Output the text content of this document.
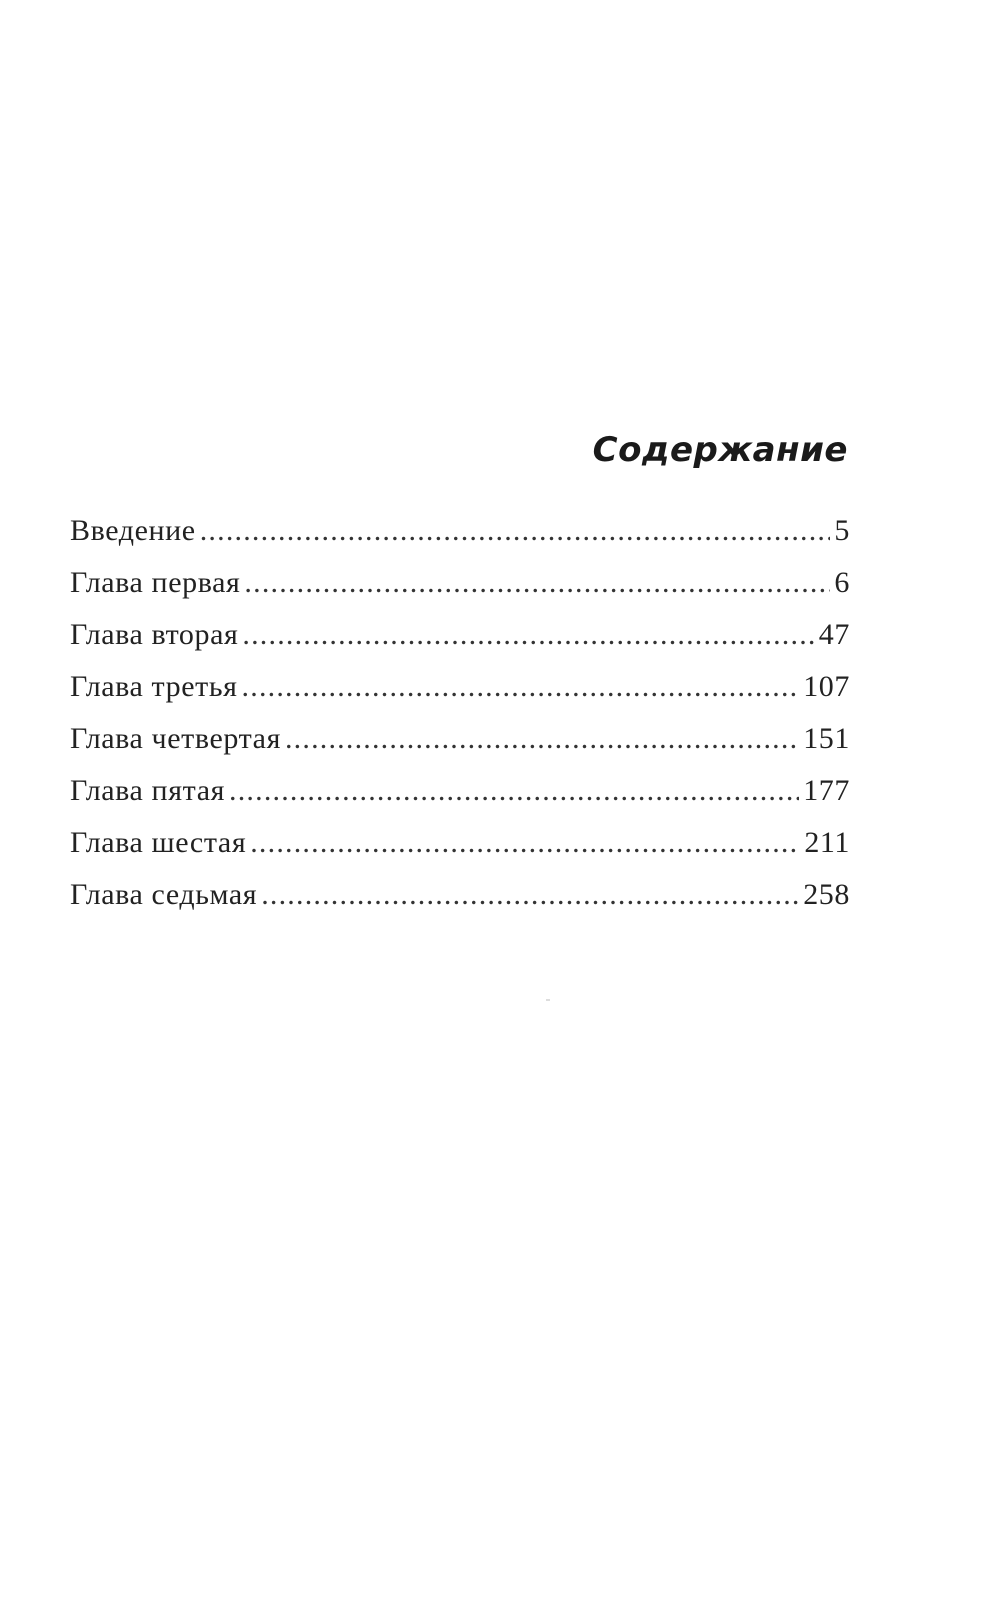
Содержание
Введение .....	5
Глава первая .....	6
Глава вторая .....	47
Глава третья .....	107
Глава четвертая .....	151
Глава пятая .....	177
Глава шестая .....	211
Глава седьмая .....	258
